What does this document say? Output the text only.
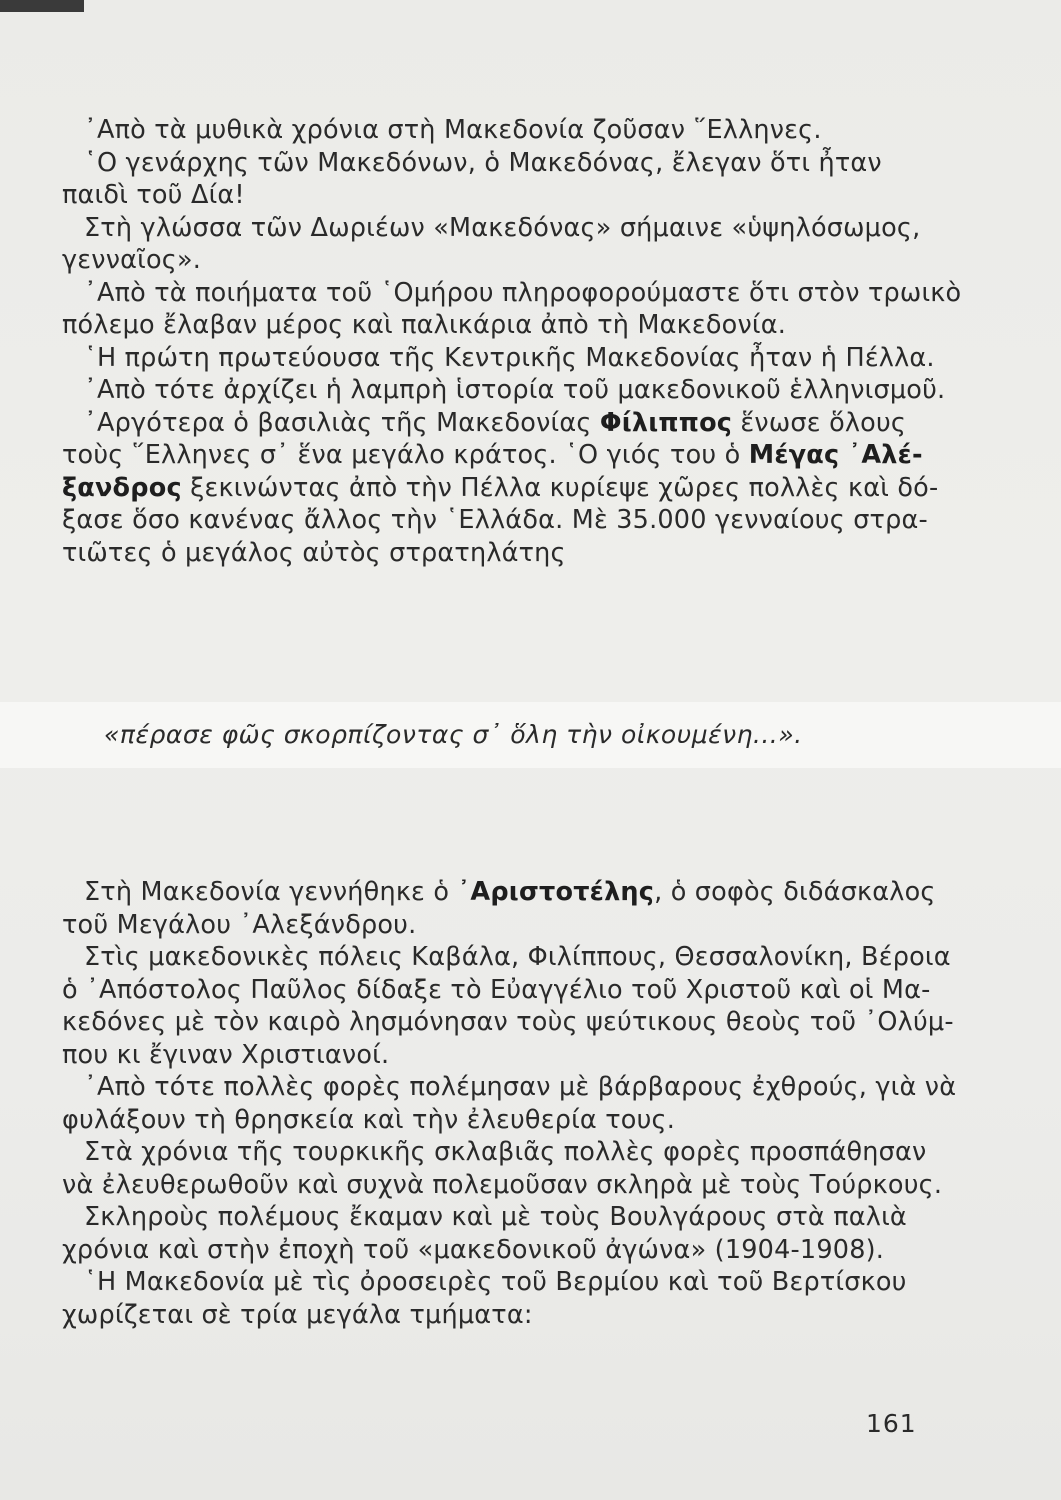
᾿Απὸ τὰ μυθικὰ χρόνια στὴ Μακεδονία ζοῦσαν ῞Ελληνες.
῾Ο γενάρχης τῶν Μακεδόνων, ὁ Μακεδόνας, ἔλεγαν ὅτι ἦταν
παιδὶ τοῦ Δία!
Στὴ γλώσσα τῶν Δωριέων «Μακεδόνας» σήμαινε «ὑψηλόσωμος,
γενναῖος».
᾿Απὸ τὰ ποιήματα τοῦ ῾Ομήρου πληροφορούμαστε ὅτι στὸν τρωικὸ
πόλεμο ἔλαβαν μέρος καὶ παλικάρια ἀπὸ τὴ Μακεδονία.
῾Η πρώτη πρωτεύουσα τῆς Κεντρικῆς Μακεδονίας ἦταν ἡ Πέλλα.
᾿Απὸ τότε ἀρχίζει ἡ λαμπρὴ ἱστορία τοῦ μακεδονικοῦ ἑλληνισμοῦ.
᾿Αργότερα ὁ βασιλιὰς τῆς Μακεδονίας Φίλιππος ἕνωσε ὅλους
τοὺς ῞Ελληνες σ᾿ ἕνα μεγάλο κράτος. ῾Ο γιός του ὁ Μέγας ᾿Αλέ-
ξανδρος ξεκινώντας ἀπὸ τὴν Πέλλα κυρίεψε χῶρες πολλὲς καὶ δό-
ξασε ὅσο κανένας ἄλλος τὴν ῾Ελλάδα. Μὲ 35.000 γενναίους στρα-
τιῶτες ὁ μεγάλος αὐτὸς στρατηλάτης
«πέρασε φῶς σκορπίζοντας σ᾿ ὅλη τὴν οἰκουμένη...».
Στὴ Μακεδονία γεννήθηκε ὁ ᾿Αριστοτέλης, ὁ σοφὸς διδάσκαλος
τοῦ Μεγάλου ᾿Αλεξάνδρου.
Στὶς μακεδονικὲς πόλεις Καβάλα, Φιλίππους, Θεσσαλονίκη, Βέροια
ὁ ᾿Απόστολος Παῦλος δίδαξε τὸ Εὐαγγέλιο τοῦ Χριστοῦ καὶ οἱ Μα-
κεδόνες μὲ τὸν καιρὸ λησμόνησαν τοὺς ψεύτικους θεοὺς τοῦ ᾿Ολύμ-
που κι ἔγιναν Χριστιανοί.
᾿Απὸ τότε πολλὲς φορὲς πολέμησαν μὲ βάρβαρους ἐχθρούς, γιὰ νὰ
φυλάξουν τὴ θρησκεία καὶ τὴν ἐλευθερία τους.
Στὰ χρόνια τῆς τουρκικῆς σκλαβιᾶς πολλὲς φορὲς προσπάθησαν
νὰ ἐλευθερωθοῦν καὶ συχνὰ πολεμοῦσαν σκληρὰ μὲ τοὺς Τούρκους.
Σκληροὺς πολέμους ἔκαμαν καὶ μὲ τοὺς Βουλγάρους στὰ παλιὰ
χρόνια καὶ στὴν ἐποχὴ τοῦ «μακεδονικοῦ ἀγώνα» (1904-1908).
῾Η Μακεδονία μὲ τὶς ὀροσειρὲς τοῦ Βερμίου καὶ τοῦ Βερτίσκου
χωρίζεται σὲ τρία μεγάλα τμήματα:
161
